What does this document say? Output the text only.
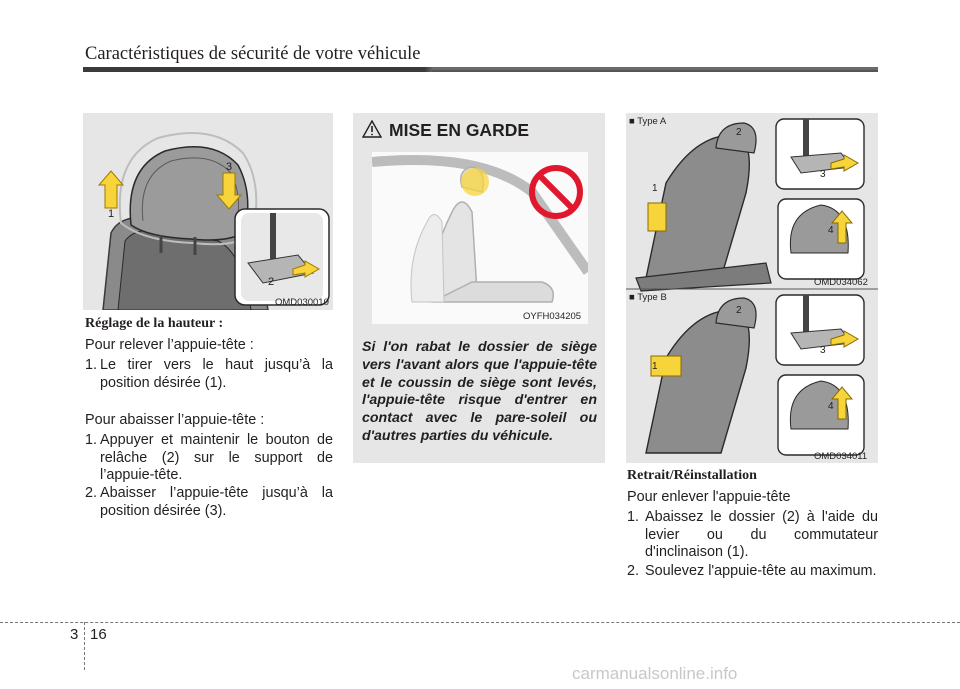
Caractéristiques de sécurité de votre véhicule
1
3
2
OMD030010
Réglage de la hauteur :
Pour relever l’appuie-tête :
1. Le tirer vers le haut jusqu’à la position désirée (1).
Pour abaisser l’appuie-tête :
1. Appuyer et maintenir le bouton de relâche (2) sur le support de l’appuie-tête.
2. Abaisser l’appuie-tête jusqu’à la position désirée (3).
MISE EN GARDE
OYFH034205
Si l'on rabat le dossier de siège vers l'avant alors que l'appuie-tête et le coussin de siège sont levés, l'appuie-tête risque d'entrer en contact avec le pare-soleil ou d'autres parties du véhicule.
■ Type A
1
2
3
4
OMD034062
■ Type B
1
2
3
4
OMD034011
Retrait/Réinstallation
Pour enlever l'appuie-tête
1. Abaissez le dossier (2) à l'aide du levier ou du commutateur d'inclinaison (1).
2. Soulevez l'appuie-tête au maximum.
3 16
carmanualsonline.info
